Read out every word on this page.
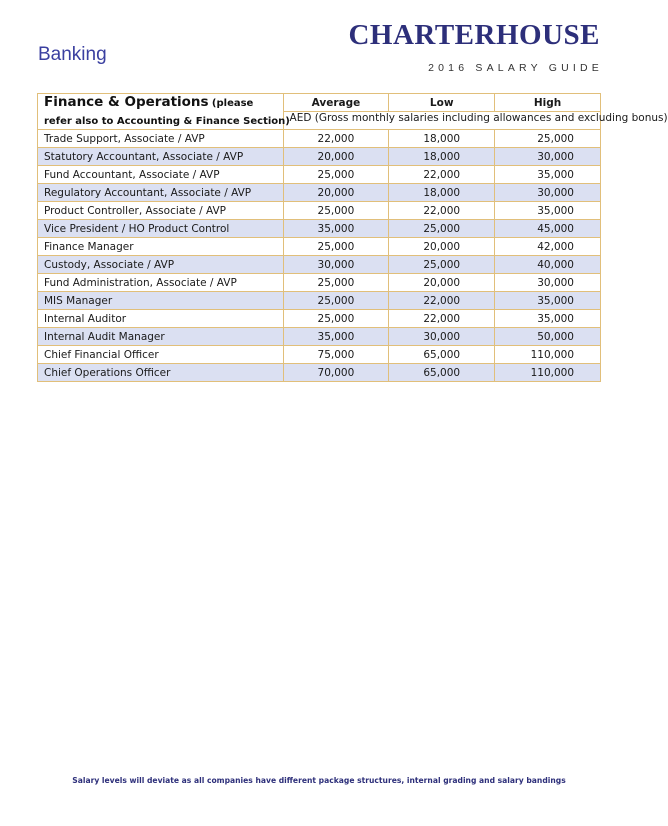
Banking
CHARTERHOUSE
2016 SALARY GUIDE
Finance & Operations (please
refer also to Accounting & Finance Section)	Average	Low	High
	AED (Gross monthly salaries including allowances and excluding bonus)		
Trade Support, Associate / AVP	22,000	18,000	25,000
Statutory Accountant, Associate / AVP	20,000	18,000	30,000
Fund Accountant, Associate / AVP	25,000	22,000	35,000
Regulatory Accountant, Associate / AVP	20,000	18,000	30,000
Product Controller, Associate / AVP	25,000	22,000	35,000
Vice President / HO Product Control	35,000	25,000	45,000
Finance Manager	25,000	20,000	42,000
Custody, Associate / AVP	30,000	25,000	40,000
Fund Administration, Associate / AVP	25,000	20,000	30,000
MIS Manager	25,000	22,000	35,000
Internal Auditor	25,000	22,000	35,000
Internal Audit Manager	35,000	30,000	50,000
Chief Financial Officer	75,000	65,000	110,000
Chief Operations Officer	70,000	65,000	110,000
Salary levels will deviate as all companies have different package structures, internal grading and salary bandings
